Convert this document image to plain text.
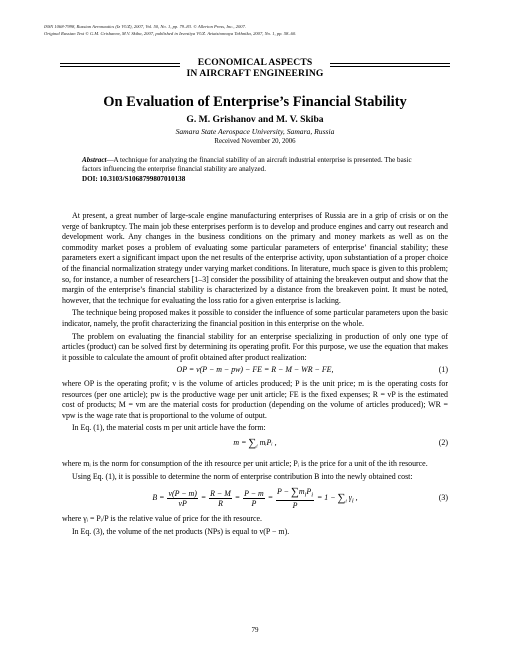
ISSN 1068-7998, Russian Aeronautics (Iz VUZ), 2007, Vol. 50, No. 1, pp. 79–83. © Allerton Press, Inc., 2007.
Original Russian Text © G.M. Grishanov, M.V. Skiba, 2007, published in Izvestiya VUZ. Aviatsionnaya Tekhnika, 2007, No. 1, pp. 58–60.
ECONOMICAL ASPECTS
IN AIRCRAFT ENGINEERING
On Evaluation of Enterprise’s Financial Stability
G. M. Grishanov and M. V. Skiba
Samara State Aerospace University, Samara, Russia
Received November 20, 2006
Abstract—A technique for analyzing the financial stability of an aircraft industrial enterprise is presented. The basic factors influencing the enterprise financial stability are analyzed.
DOI: 10.3103/S1068799807010138

At present, a great number of large-scale engine manufacturing enterprises of Russia are in a grip of crisis or on the verge of bankruptcy. The main job these enterprises perform is to develop and produce engines and carry out research and development work. Any changes in the business conditions on the primary and money markets as well as on the commodity market poses a problem of evaluating some particular parameters of enterprise’ financial stability; these parameters exert a significant impact upon the net results of the enterprise activity, upon substantiation of a proper choice of the financial normalization strategy under varying market conditions. In literature, much space is given to this problem; so, for instance, a number of researchers [1–3] consider the possibility of attaining the breakeven output and show that the margin of the enterprise’s financial stability is characterized by a distance from the breakeven point. It must be noted, however, that the technique for evaluating the loss ratio for a given enterprise is lacking.

The technique being proposed makes it possible to consider the influence of some particular parameters upon the basic indicator, namely, the profit characterizing the financial position in this enterprise on the whole.

The problem on evaluating the financial stability for an enterprise specializing in production of only one type of articles (product) can be solved first by determining its operating profit. For this purpose, we use the equation that makes it possible to calculate the amount of profit obtained after product realization:

OP = v(P − m − pw) − FE = R − M − WR − FE,	(1)

where OP is the operating profit; v is the volume of articles produced; P is the unit price; m is the operating costs for resources (per one article); pw is the productive wage per unit article; FE is the fixed expenses; R = vP is the estimated cost of products; M = vm are the material costs for production (depending on the volume of articles produced); WR = vpw is the wage rate that is proportional to the volume of output.

In Eq. (1), the material costs m per unit article have the form:

$m = \sum_i$ mᵢPᵢ ,	(2)

where mᵢ is the norm for consumption of the ith resource per unit article; Pᵢ is the price for a unit of the ith resource.

Using Eq. (1), it is possible to determine the norm of enterprise contribution B into the newly obtained cost:

$B = \frac{v(P - m)}{vP} = \frac{R - M}{R} = \frac{P - m}{P} = \frac{P - \sum m_iP_i}{P} = 1 - \sum_i$ $\gamma_i$ ,	(3)

where γᵢ = Pᵢ/P is the relative value of price for the ith resource.

In Eq. (3), the volume of the net products (NPs) is equal to v(P − m).

79
